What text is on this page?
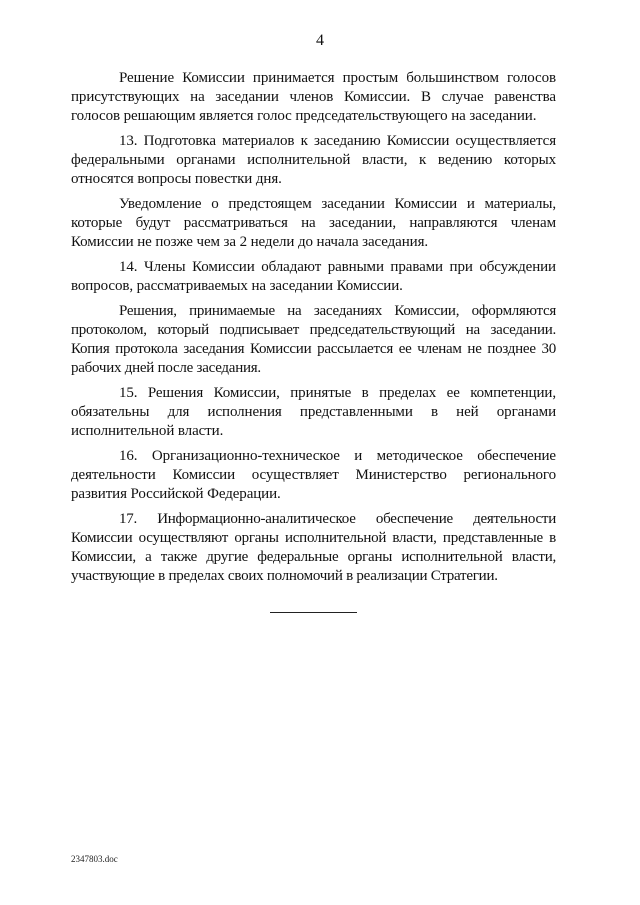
4

Решение Комиссии принимается простым большинством голосов присутствующих на заседании членов Комиссии. В случае равенства голосов решающим является голос председательствующего на заседании.

13. Подготовка материалов к заседанию Комиссии осуществляется федеральными органами исполнительной власти, к ведению которых относятся вопросы повестки дня.

Уведомление о предстоящем заседании Комиссии и материалы, которые будут рассматриваться на заседании, направляются членам Комиссии не позже чем за 2 недели до начала заседания.

14. Члены Комиссии обладают равными правами при обсуждении вопросов, рассматриваемых на заседании Комиссии.

Решения, принимаемые на заседаниях Комиссии, оформляются протоколом, который подписывает председательствующий на заседании. Копия протокола заседания Комиссии рассылается ее членам не позднее 30 рабочих дней после заседания.

15. Решения Комиссии, принятые в пределах ее компетенции, обязательны для исполнения представленными в ней органами исполнительной власти.

16. Организационно-техническое и методическое обеспечение деятельности Комиссии осуществляет Министерство регионального развития Российской Федерации.

17. Информационно-аналитическое обеспечение деятельности Комиссии осуществляют органы исполнительной власти, представленные в Комиссии, а также другие федеральные органы исполнительной власти, участвующие в пределах своих полномочий в реализации Стратегии.

2347803.doc
